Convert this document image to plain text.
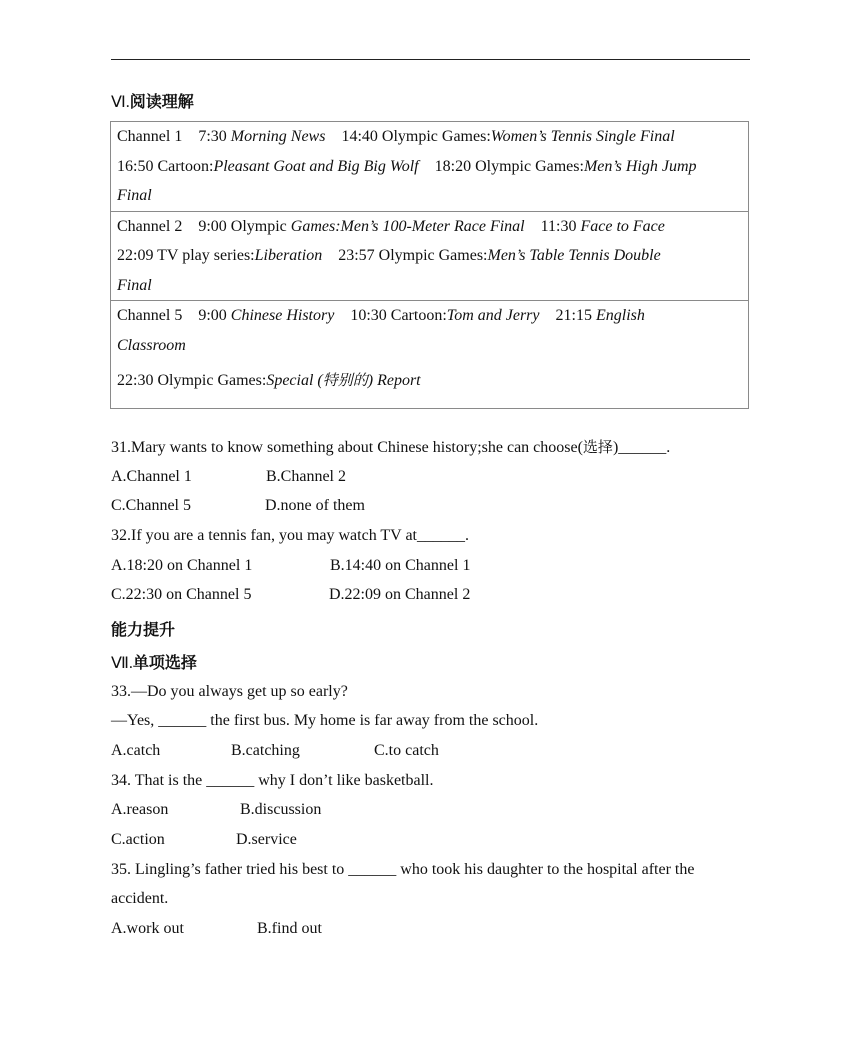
Ⅵ.阅读理解

Channel 1 7:30 Morning News 14:40 Olympic Games:Women’s Tennis Single Final

16:50 Cartoon:Pleasant Goat and Big Big Wolf 18:20 Olympic Games:Men’s High Jump

Final

Channel 2 9:00 Olympic Games:Men’s 100-Meter Race Final 11:30 Face to Face

22:09 TV play series:Liberation 23:57 Olympic Games:Men’s Table Tennis Double

Final

Channel 5 9:00 Chinese History 10:30 Cartoon:Tom and Jerry 21:15 English

Classroom

22:30 Olympic Games:Special (特别的) Report

31.Mary wants to know something about Chinese history;she can choose(选择)______.
A.Channel 1	B.Channel 2
C.Channel 5	D.none of them
32.If you are a tennis fan, you may watch TV at______.
A.18:20 on Channel 1	B.14:40 on Channel 1
C.22:30 on Channel 5	D.22:09 on Channel 2
能力提升
Ⅶ.单项选择
33.—Do you always get up so early?
—Yes, ______ the first bus. My home is far away from the school.
A.catch	B.catching	C.to catch
34. That is the ______ why I don’t like basketball.
A.reason	B.discussion
C.action	D.service
35. Lingling’s father tried his best to ______ who took his daughter to the hospital after the
accident.
A.work out	B.find out
